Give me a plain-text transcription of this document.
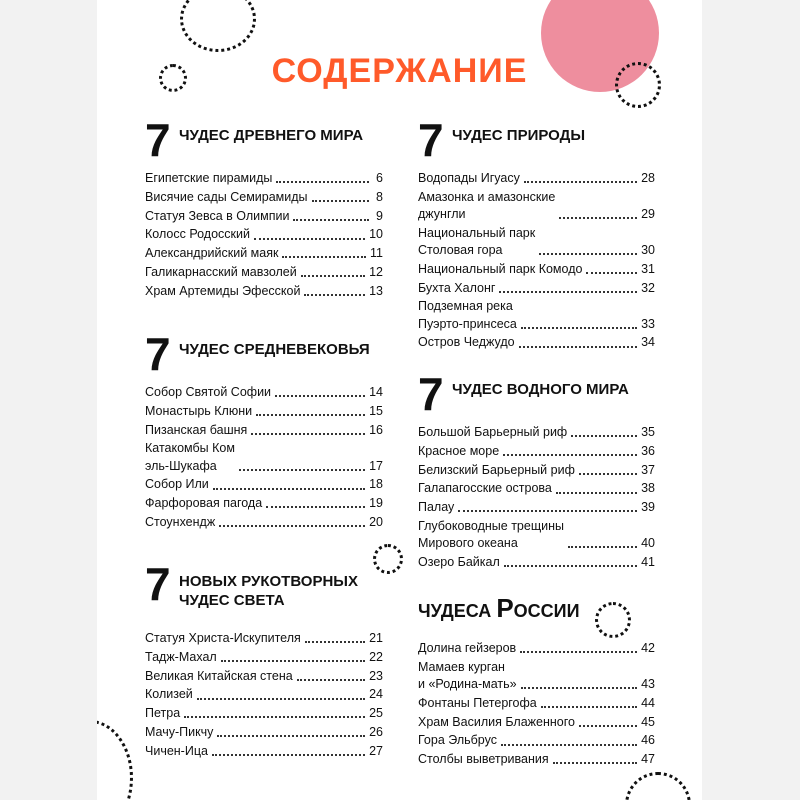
СОДЕРЖАНИЕ
7 ЧУДЕС ДРЕВНЕГО МИРА
Египетские пирамиды	6
Висячие сады Семирамиды	8
Статуя Зевса в Олимпии	9
Колосс Родосский	10
Александрийский маяк	11
Галикарнасский мавзолей	12
Храм Артемиды Эфесской	13
7 ЧУДЕС СРЕДНЕВЕКОВЬЯ
Собор Святой Софии	14
Монастырь Клюни	15
Пизанская башня	16
Катакомбы Ком
эль-Шукафа	17
Собор Или	18
Фарфоровая пагода	19
Стоунхендж	20
7 НОВЫХ РУКОТВОРНЫХ
ЧУДЕС СВЕТА
Статуя Христа-Искупителя	21
Тадж-Махал	22
Великая Китайская стена	23
Колизей	24
Петра	25
Мачу-Пикчу	26
Чичен-Ица	27
7 ЧУДЕС ПРИРОДЫ
Водопады Игуасу	28
Амазонка и амазонские
джунгли	29
Национальный парк
Столовая гора	30
Национальный парк Комодо	31
Бухта Халонг	32
Подземная река
Пуэрто-принсеса	33
Остров Чеджудо	34
7 ЧУДЕС ВОДНОГО МИРА
Большой Барьерный риф	35
Красное море	36
Белизский Барьерный риф	37
Галапагосские острова	38
Палау	39
Глубоководные трещины
Мирового океана	40
Озеро Байкал	41
ЧУДЕСА РОССИИ
Долина гейзеров	42
Мамаев курган
и «Родина-мать»	43
Фонтаны Петергофа	44
Храм Василия Блаженного	45
Гора Эльбрус	46
Столбы выветривания	47
